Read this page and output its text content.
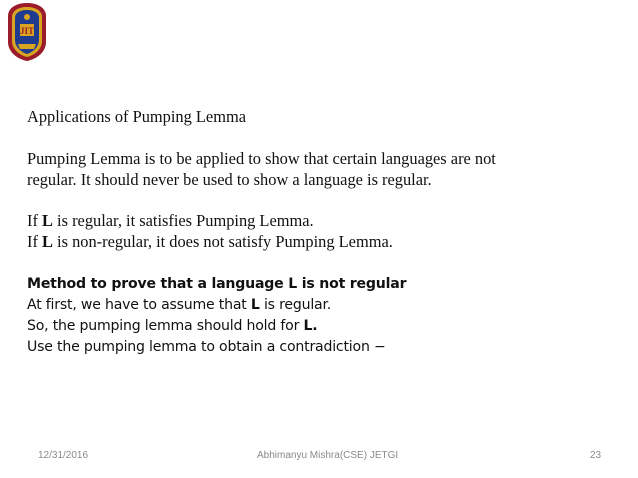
JIT
Applications of Pumping Lemma
Pumping Lemma is to be applied to show that certain languages are not
regular. It should never be used to show a language is regular.
If L is regular, it satisfies Pumping Lemma.
If L is non-regular, it does not satisfy Pumping Lemma.
Method to prove that a language L is not regular
At first, we have to assume that L is regular.
So, the pumping lemma should hold for L.
Use the pumping lemma to obtain a contradiction −
12/31/2016	Abhimanyu Mishra(CSE) JETGI	23
